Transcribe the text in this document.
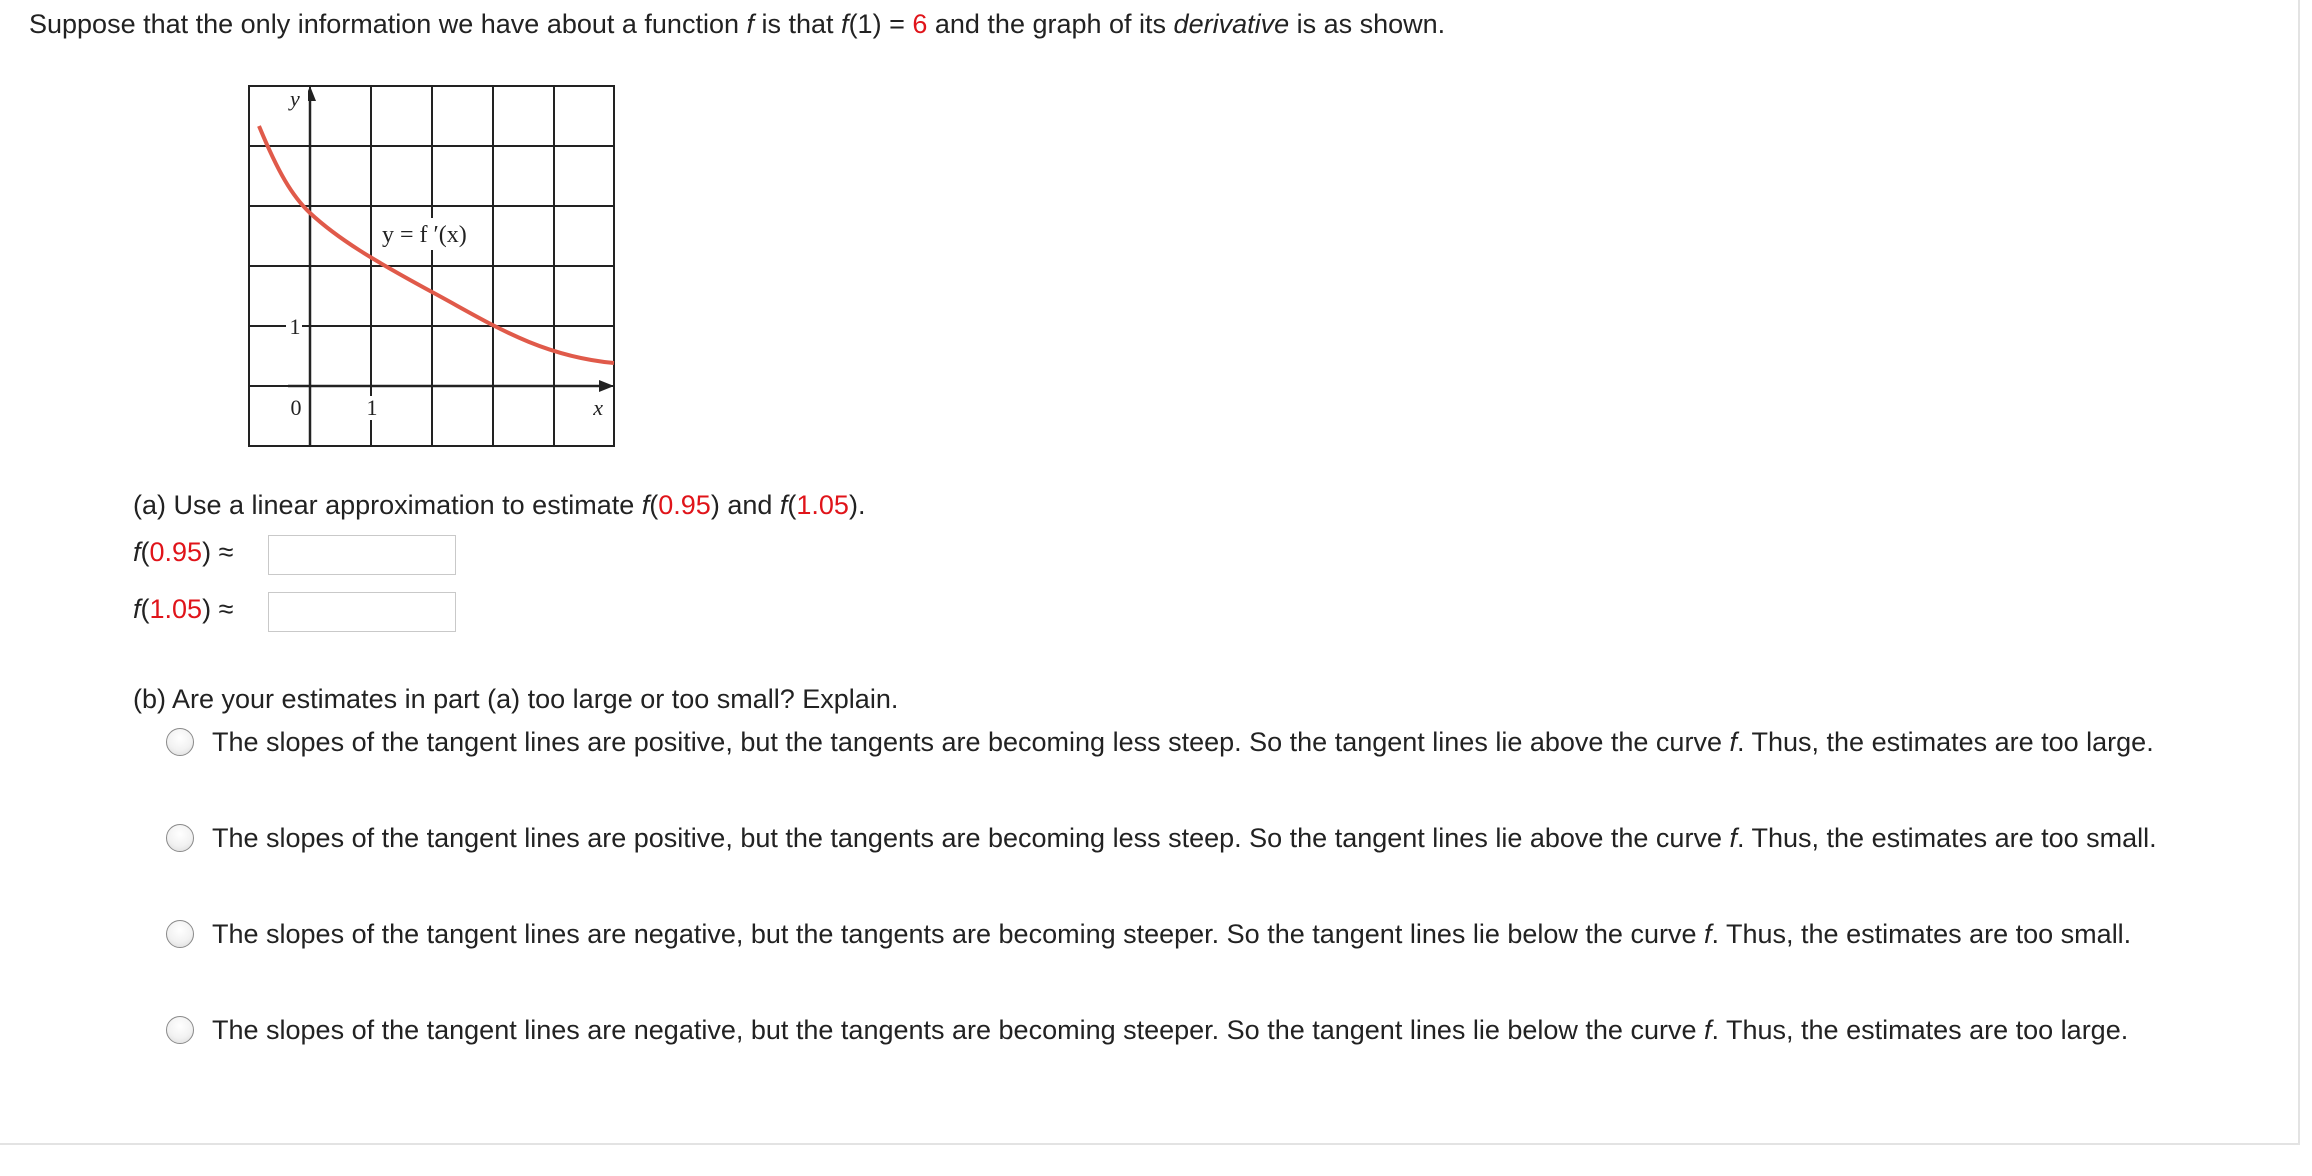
Suppose that the only information we have about a function f is that f(1) = 6 and the graph of its derivative is as shown.
y
x
0	1
1
y = f ′(x)
(a) Use a linear approximation to estimate f(0.95) and f(1.05).
f(0.95) ≈
f(1.05) ≈
(b) Are your estimates in part (a) too large or too small? Explain.
The slopes of the tangent lines are positive, but the tangents are becoming less steep. So the tangent lines lie above the curve f. Thus, the estimates are too large.
The slopes of the tangent lines are positive, but the tangents are becoming less steep. So the tangent lines lie above the curve f. Thus, the estimates are too small.
The slopes of the tangent lines are negative, but the tangents are becoming steeper. So the tangent lines lie below the curve f. Thus, the estimates are too small.
The slopes of the tangent lines are negative, but the tangents are becoming steeper. So the tangent lines lie below the curve f. Thus, the estimates are too large.
